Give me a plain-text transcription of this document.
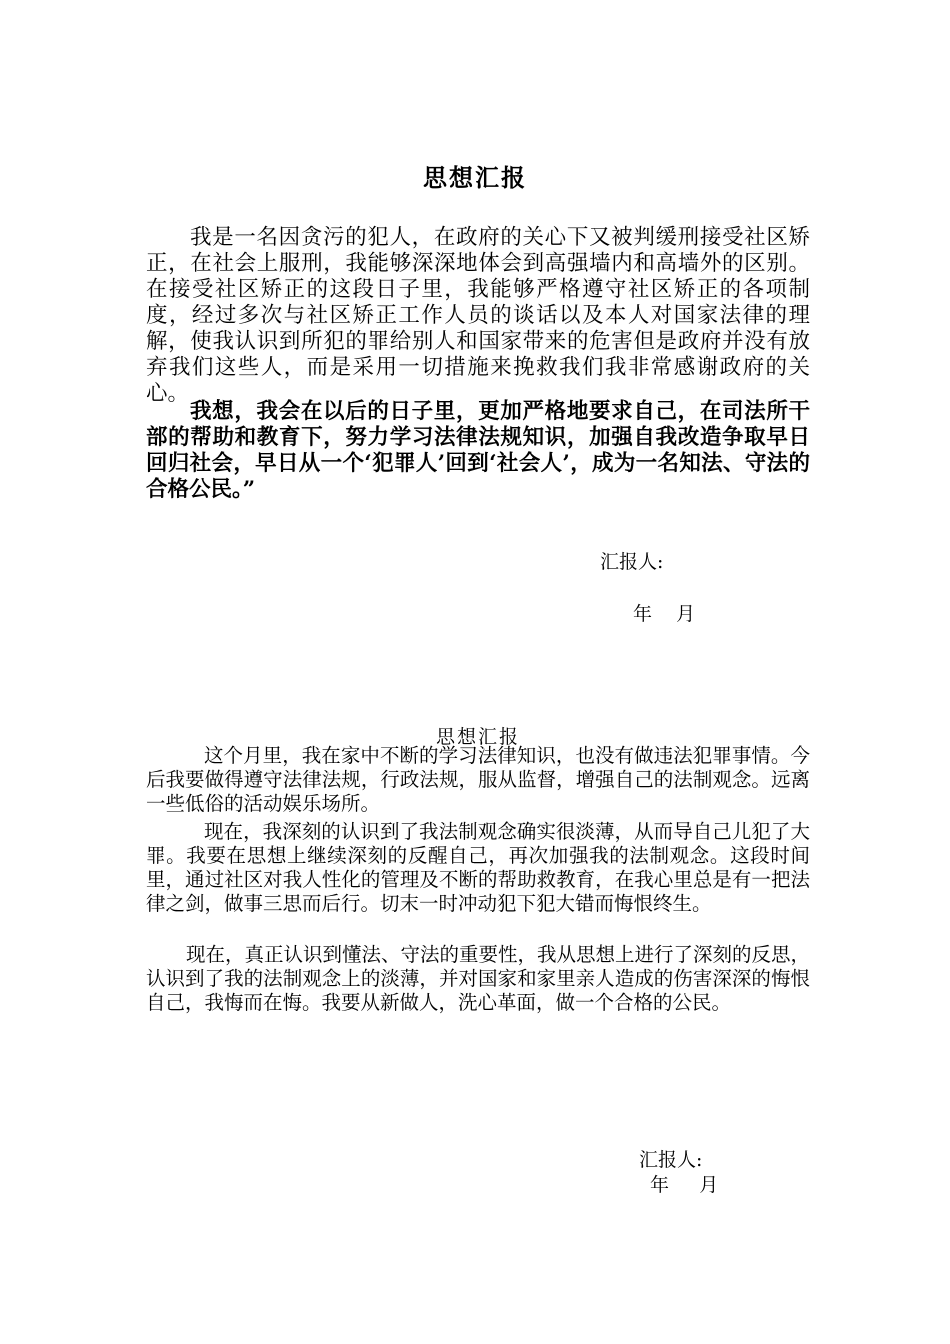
思想汇报

我是一名因贪污的犯人，在政府的关心下又被判缓刑接受社区矫正，在社会上服刑，我能够深深地体会到高强墙内和高墙外的区别。在接受社区矫正的这段日子里，我能够严格遵守社区矫正的各项制度，经过多次与社区矫正工作人员的谈话以及本人对国家法律的理解，使我认识到所犯的罪给别人和国家带来的危害但是政府并没有放弃我们这些人，而是采用一切措施来挽救我们我非常感谢政府的关心。

我想，我会在以后的日子里，更加严格地要求自己，在司法所干部的帮助和教育下，努力学习法律法规知识，加强自我改造争取早日回归社会，早日从一个‘犯罪人’回到‘社会人’，成为一名知法、守法的合格公民。”

汇报人:
年    月
思想汇报

这个月里，我在家中不断的学习法律知识，也没有做违法犯罪事情。今后我要做得遵守法律法规，行政法规，服从监督，增强自己的法制观念。远离一些低俗的活动娱乐场所。

现在，我深刻的认识到了我法制观念确实很淡薄，从而导自己儿犯了大罪。我要在思想上继续深刻的反醒自己，再次加强我的法制观念。这段时间里，通过社区对我人性化的管理及不断的帮助救教育，在我心里总是有一把法律之剑，做事三思而后行。切末一时冲动犯下犯大错而悔恨终生。

现在，真正认识到懂法、守法的重要性，我从思想上进行了深刻的反思，认识到了我的法制观念上的淡薄，并对国家和家里亲人造成的伤害深深的悔恨自己，我悔而在悔。我要从新做人，洗心革面，做一个合格的公民。

汇报人:
年     月
